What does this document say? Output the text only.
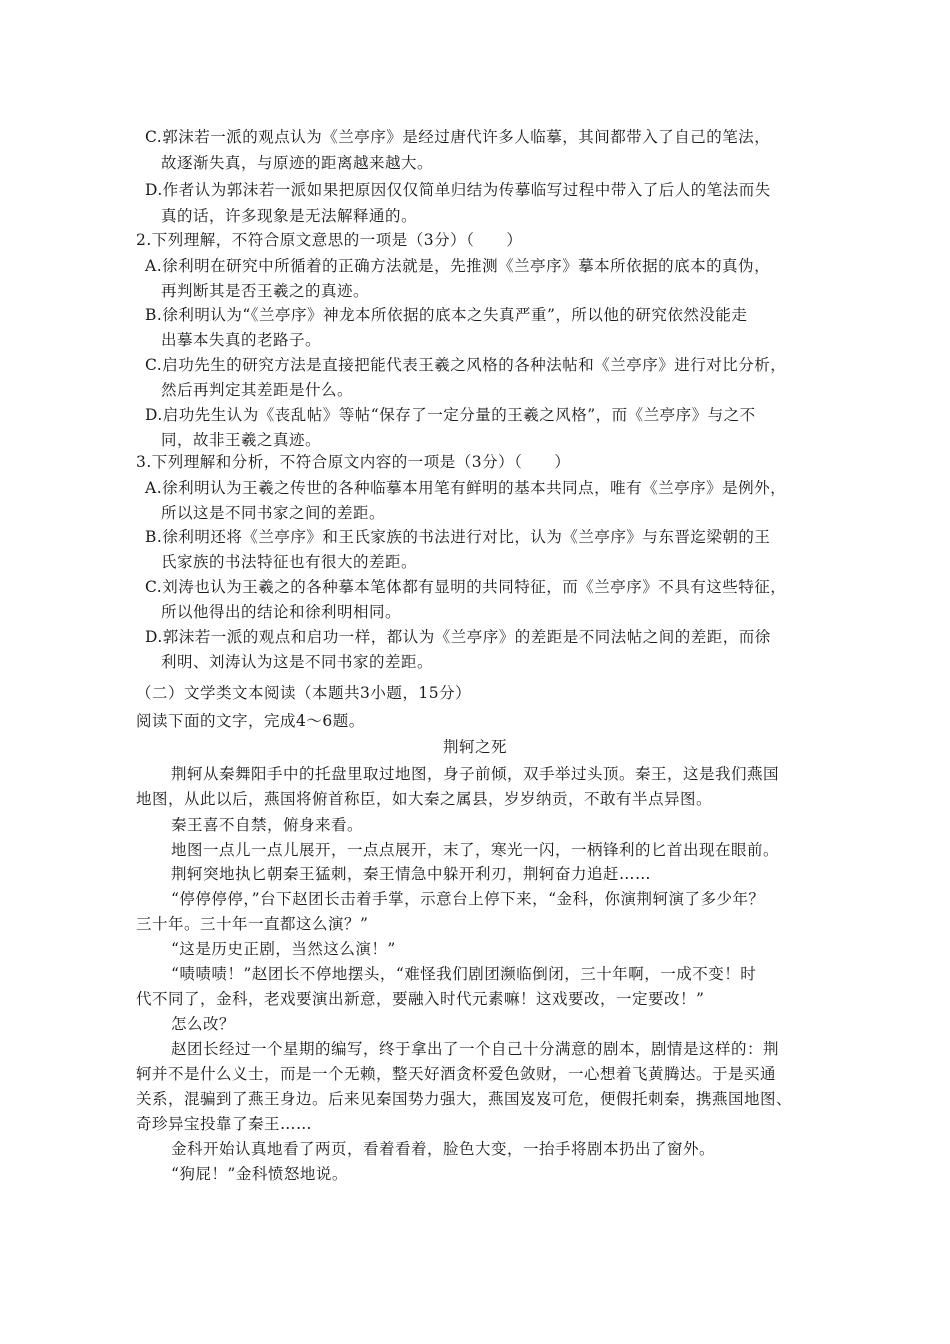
C.郭沫若一派的观点认为《兰亭序》是经过唐代许多人临摹，其间都带入了自己的笔法，
故逐渐失真，与原迹的距离越来越大。
D.作者认为郭沫若一派如果把原因仅仅简单归结为传摹临写过程中带入了后人的笔法而失
真的话，许多现象是无法解释通的。
2.下列理解，不符合原文意思的一项是（3分）（　　）
A.徐利明在研究中所循着的正确方法就是，先推测《兰亭序》摹本所依据的底本的真伪，
再判断其是否王羲之的真迹。
B.徐利明认为“《兰亭序》神龙本所依据的底本之失真严重”，所以他的研究依然没能走
出摹本失真的老路子。
C.启功先生的研究方法是直接把能代表王羲之风格的各种法帖和《兰亭序》进行对比分析，
然后再判定其差距是什么。
D.启功先生认为《丧乱帖》等帖“保存了一定分量的王羲之风格”，而《兰亭序》与之不
同，故非王羲之真迹。
3.下列理解和分析，不符合原文内容的一项是（3分）（　　）
A.徐利明认为王羲之传世的各种临摹本用笔有鲜明的基本共同点，唯有《兰亭序》是例外，
所以这是不同书家之间的差距。
B.徐利明还将《兰亭序》和王氏家族的书法进行对比，认为《兰亭序》与东晋迄梁朝的王
氏家族的书法特征也有很大的差距。
C.刘涛也认为王羲之的各种摹本笔体都有显明的共同特征，而《兰亭序》不具有这些特征，
所以他得出的结论和徐利明相同。
D.郭沫若一派的观点和启功一样，都认为《兰亭序》的差距是不同法帖之间的差距，而徐
利明、刘涛认为这是不同书家的差距。
（二）文学类文本阅读（本题共3小题，15分）
阅读下面的文字，完成4～6题。
荆轲之死
荆轲从秦舞阳手中的托盘里取过地图，身子前倾，双手举过头顶。秦王，这是我们燕国
地图，从此以后，燕国将俯首称臣，如大秦之属县，岁岁纳贡，不敢有半点异图。
秦王喜不自禁，俯身来看。
地图一点儿一点儿展开，一点点展开，末了，寒光一闪，一柄锋利的匕首出现在眼前。
荆轲突地执匕朝秦王猛刺，秦王情急中躲开利刃，荆轲奋力追赶……
“停停停停，”台下赵团长击着手掌，示意台上停下来，“金科，你演荆轲演了多少年？
三十年。三十年一直都这么演？”
“这是历史正剧，当然这么演！”
“啧啧啧！”赵团长不停地摆头，“难怪我们剧团濒临倒闭，三十年啊，一成不变！时
代不同了，金科，老戏要演出新意，要融入时代元素嘛！这戏要改，一定要改！”
怎么改？
赵团长经过一个星期的编写，终于拿出了一个自己十分满意的剧本，剧情是这样的：荆
轲并不是什么义士，而是一个无赖，整天好酒贪杯爱色敛财，一心想着飞黄腾达。于是买通
关系，混骗到了燕王身边。后来见秦国势力强大，燕国岌岌可危，便假托刺秦，携燕国地图、
奇珍异宝投靠了秦王……
金科开始认真地看了两页，看着看着，脸色大变，一抬手将剧本扔出了窗外。
“狗屁！”金科愤怒地说。
